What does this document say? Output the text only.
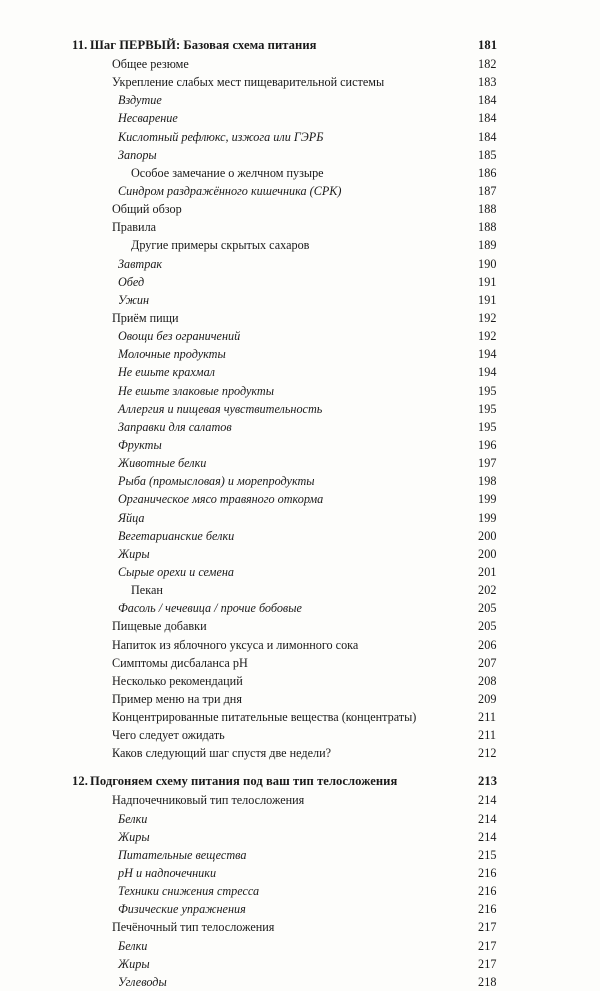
11. Шаг ПЕРВЫЙ: Базовая схема питания	181
Общее резюме	182
Укрепление слабых мест пищеварительной системы	183
Вздутие	184
Несварение	184
Кислотный рефлюкс, изжога или ГЭРБ	184
Запоры	185
Особое замечание о желчном пузыре	186
Синдром раздражённого кишечника (СРК)	187
Общий обзор	188
Правила	188
Другие примеры скрытых сахаров	189
Завтрак	190
Обед	191
Ужин	191
Приём пищи	192
Овощи без ограничений	192
Молочные продукты	194
Не ешьте крахмал	194
Не ешьте злаковые продукты	195
Аллергия и пищевая чувствительность	195
Заправки для салатов	195
Фрукты	196
Животные белки	197
Рыба (промысловая) и морепродукты	198
Органическое мясо травяного откорма	199
Яйца	199
Вегетарианские белки	200
Жиры	200
Сырые орехи и семена	201
Пекан	202
Фасоль / чечевица / прочие бобовые	205
Пищевые добавки	205
Напиток из яблочного уксуса и лимонного сока	206
Симптомы дисбаланса pH	207
Несколько рекомендаций	208
Пример меню на три дня	209
Концентрированные питательные вещества (концентраты)	211
Чего следует ожидать	211
Каков следующий шаг спустя две недели?	212
12. Подгоняем схему питания под ваш тип телосложения	213
Надпочечниковый тип телосложения	214
Белки	214
Жиры	214
Питательные вещества	215
pH и надпочечники	216
Техники снижения стресса	216
Физические упражнения	216
Печёночный тип телосложения	217
Белки	217
Жиры	217
Углеводы	218
